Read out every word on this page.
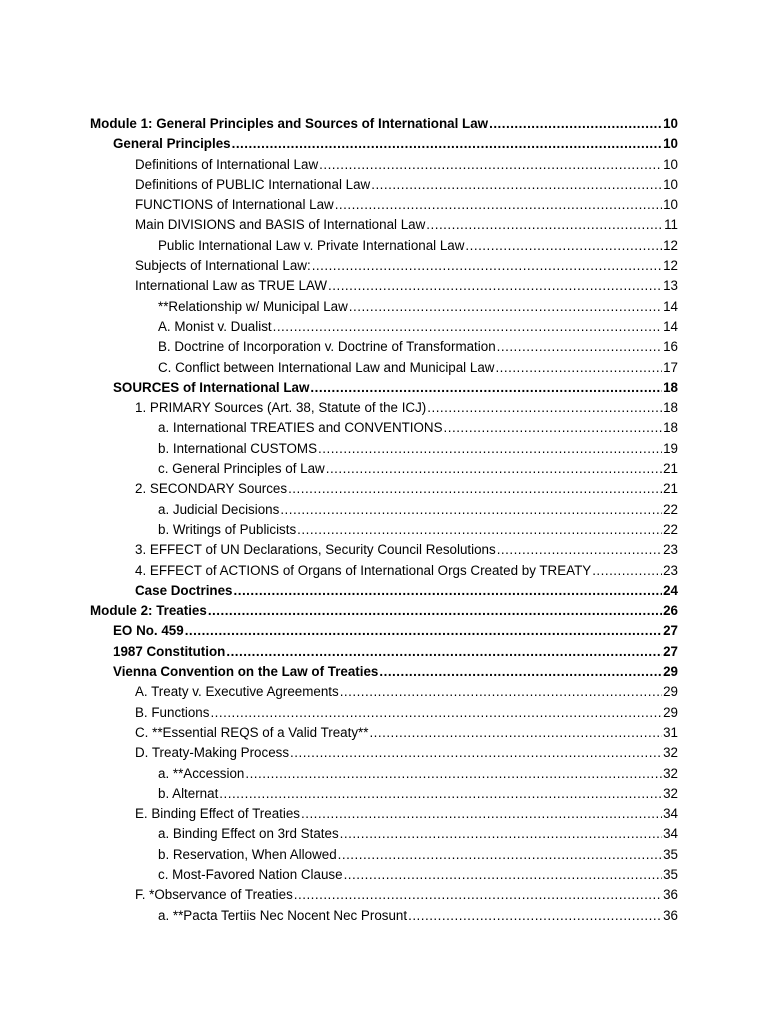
Module 1: General Principles and Sources of International Law .....	10
General Principles .....	10
Definitions of International Law .....	10
Definitions of PUBLIC International Law .....	10
FUNCTIONS of International Law .....	10
Main DIVISIONS and BASIS of International Law .....	11
Public International Law v. Private International Law .....	12
Subjects of International Law: .....	12
International Law as TRUE LAW .....	13
**Relationship w/ Municipal Law .....	14
A. Monist v. Dualist .....	14
B. Doctrine of Incorporation v. Doctrine of Transformation .....	16
C. Conflict between International Law and Municipal Law .....	17
SOURCES of International Law .....	18
1. PRIMARY Sources (Art. 38, Statute of the ICJ) .....	18
a. International TREATIES and CONVENTIONS .....	18
b. International CUSTOMS .....	19
c. General Principles of Law .....	21
2. SECONDARY Sources .....	21
a. Judicial Decisions .....	22
b. Writings of Publicists .....	22
3. EFFECT of UN Declarations, Security Council Resolutions .....	23
4. EFFECT of ACTIONS of Organs of International Orgs Created by TREATY .....	23
Case Doctrines .....	24
Module 2: Treaties .....	26
EO No. 459 .....	27
1987 Constitution .....	27
Vienna Convention on the Law of Treaties .....	29
A. Treaty v. Executive Agreements .....	29
B. Functions .....	29
C. **Essential REQS of a Valid Treaty** .....	31
D. Treaty-Making Process .....	32
a. **Accession .....	32
b. Alternat .....	32
E. Binding Effect of Treaties .....	34
a. Binding Effect on 3rd States .....	34
b. Reservation, When Allowed .....	35
c. Most-Favored Nation Clause .....	35
F. *Observance of Treaties .....	36
a. **Pacta Tertiis Nec Nocent Nec Prosunt .....	36
